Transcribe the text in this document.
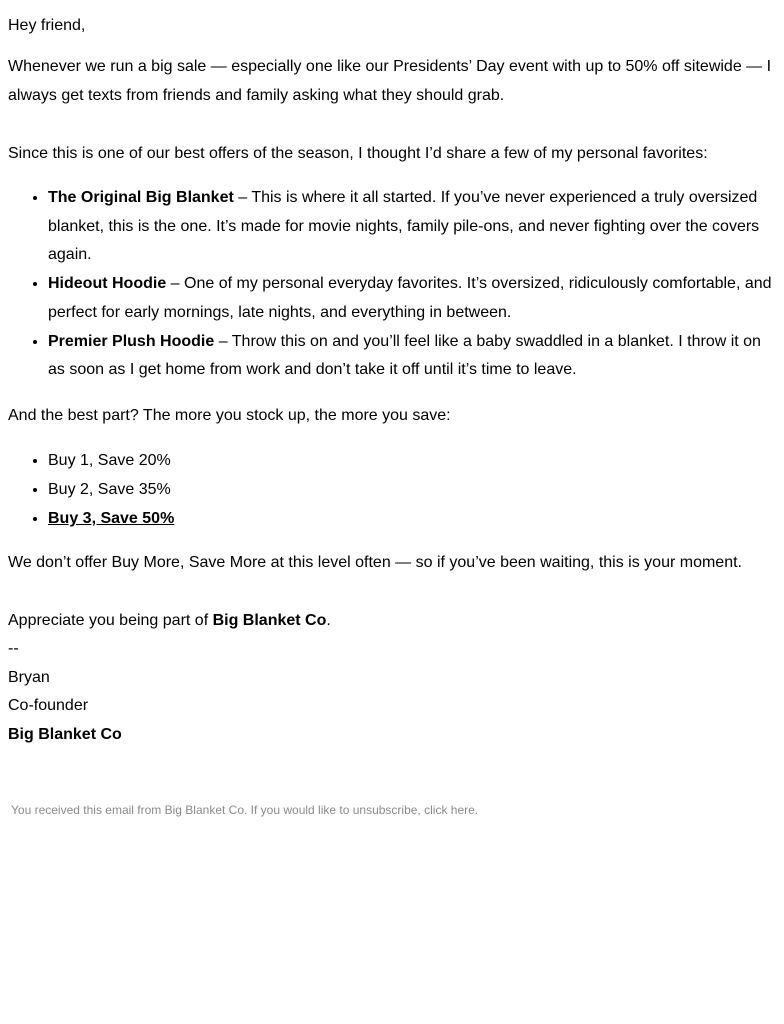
Hey friend,

Whenever we run a big sale — especially one like our Presidents’ Day event with up to 50% off sitewide — I always get texts from friends and family asking what they should grab.

Since this is one of our best offers of the season, I thought I’d share a few of my personal favorites:

• The Original Big Blanket – This is where it all started. If you’ve never experienced a truly oversized blanket, this is the one. It’s made for movie nights, family pile-ons, and never fighting over the covers again.
• Hideout Hoodie – One of my personal everyday favorites. It’s oversized, ridiculously comfortable, and perfect for early mornings, late nights, and everything in between.
• Premier Plush Hoodie – Throw this on and you’ll feel like a baby swaddled in a blanket. I throw it on as soon as I get home from work and don’t take it off until it’s time to leave.

And the best part? The more you stock up, the more you save:

• Buy 1, Save 20%
• Buy 2, Save 35%
• Buy 3, Save 50%

We don’t offer Buy More, Save More at this level often — so if you’ve been waiting, this is your moment.

Appreciate you being part of Big Blanket Co.

--

Bryan

Co-founder

Big Blanket Co

You received this email from Big Blanket Co. If you would like to unsubscribe, click here.
